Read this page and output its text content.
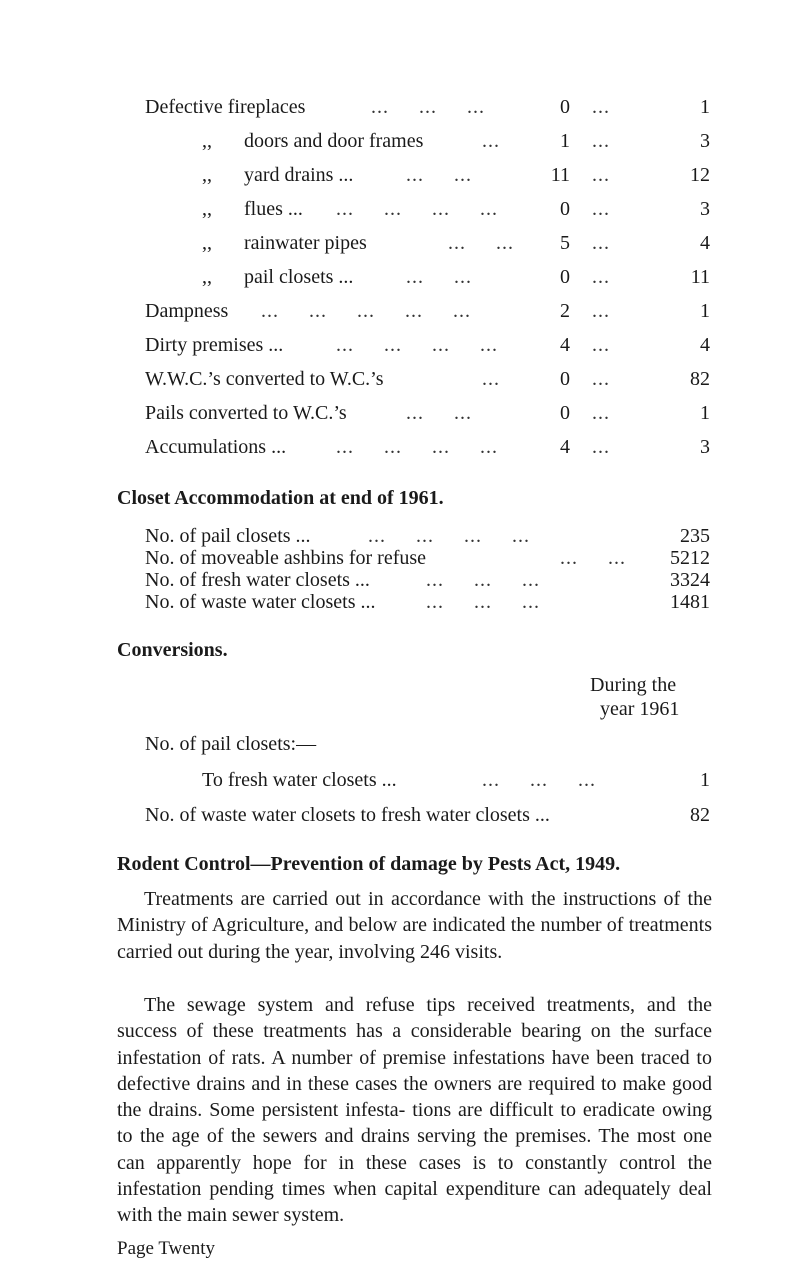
Defective fireplaces	...     ...     ...	0 ...	1
,, doors and door frames	...	1 ...	3
,, yard drains ...	...     ...	11 ...	12
,, flues ... ...     ...     ...     ...	0 ...	3
,, rainwater pipes	...     ...	5 ...	4
,, pail closets ...	...     ...	0 ...	11
Dampness ...     ...     ...     ...     ...	2 ...	1
Dirty premises ...	...     ...     ...     ...	4 ...	4
W.W.C.’s converted to W.C.’s	...	0 ...	82
Pails converted to W.C.’s	...     ...	0 ...	1
Accumulations ... ...     ...     ...     ...	4 ...	3
Closet Accommodation at end of 1961.
No. of pail closets ...	...     ...     ...     ...	235
No. of moveable ashbins for refuse	...     ...	5212
No. of fresh water closets ...	...     ...     ...	3324
No. of waste water closets ...	...     ...     ...	1481
Conversions.
During the
year 1961
No. of pail closets:—
To fresh water closets ...	...     ...     ...	1
No. of waste water closets to fresh water closets ...	82
Rodent Control—Prevention of damage by Pests Act, 1949.

Treatments are carried out in accordance with the instructions of the Ministry of Agriculture, and below are indicated the number of treatments carried out during the year, involving 246 visits.

The sewage system and refuse tips received treatments, and the success of these treatments has a considerable bearing on the surface infestation of rats. A number of premise infestations have been traced to defective drains and in these cases the owners are required to make good the drains. Some persistent infesta- tions are difficult to eradicate owing to the age of the sewers and drains serving the premises. The most one can apparently hope for in these cases is to constantly control the infestation pending times when capital expenditure can adequately deal with the main sewer system.

Page Twenty
